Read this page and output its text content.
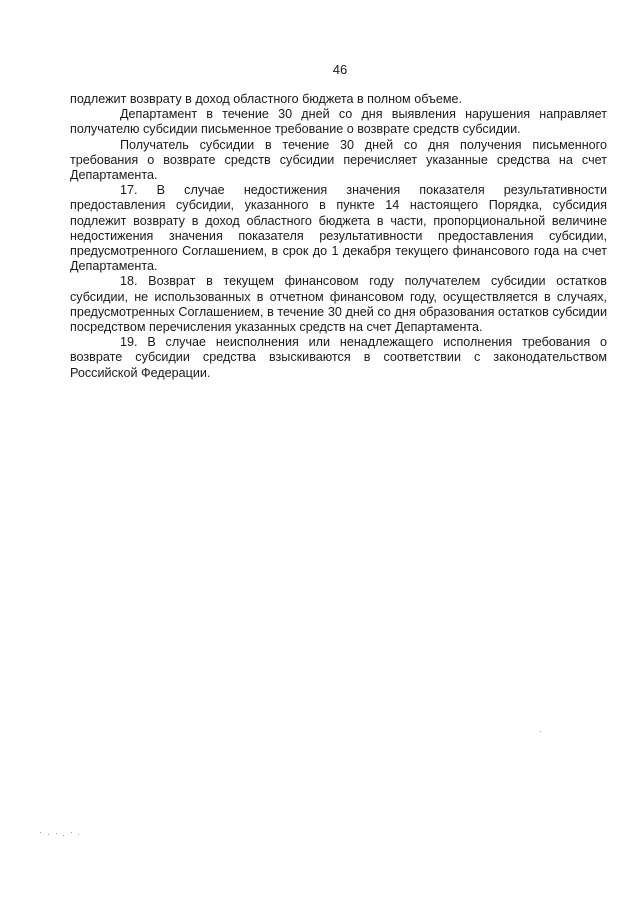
46

подлежит возврату в доход областного бюджета в полном объеме.

Департамент в течение 30 дней со дня выявления нарушения направляет получателю субсидии письменное требование о возврате средств субсидии.

Получатель субсидии в течение 30 дней со дня получения письменного требования о возврате средств субсидии перечисляет указанные средства на счет Департамента.

17. В случае недостижения значения показателя результативности предоставления субсидии, указанного в пункте 14 настоящего Порядка, субсидия подлежит возврату в доход областного бюджета в части, пропорциональной величине недостижения значения показателя результативности предоставления субсидии, предусмотренного Соглашением, в срок до 1 декабря текущего финансового года на счет Департамента.

18. Возврат в текущем финансовом году получателем субсидии остатков субсидии, не использованных в отчетном финансовом году, осуществляется в случаях, предусмотренных Соглашением, в течение 30 дней со дня образования остатков субсидии посредством перечисления указанных средств на счет Департамента.

19. В случае неисполнения или ненадлежащего исполнения требования о возврате субсидии средства взыскиваются в соответствии с законодательством Российской Федерации.
